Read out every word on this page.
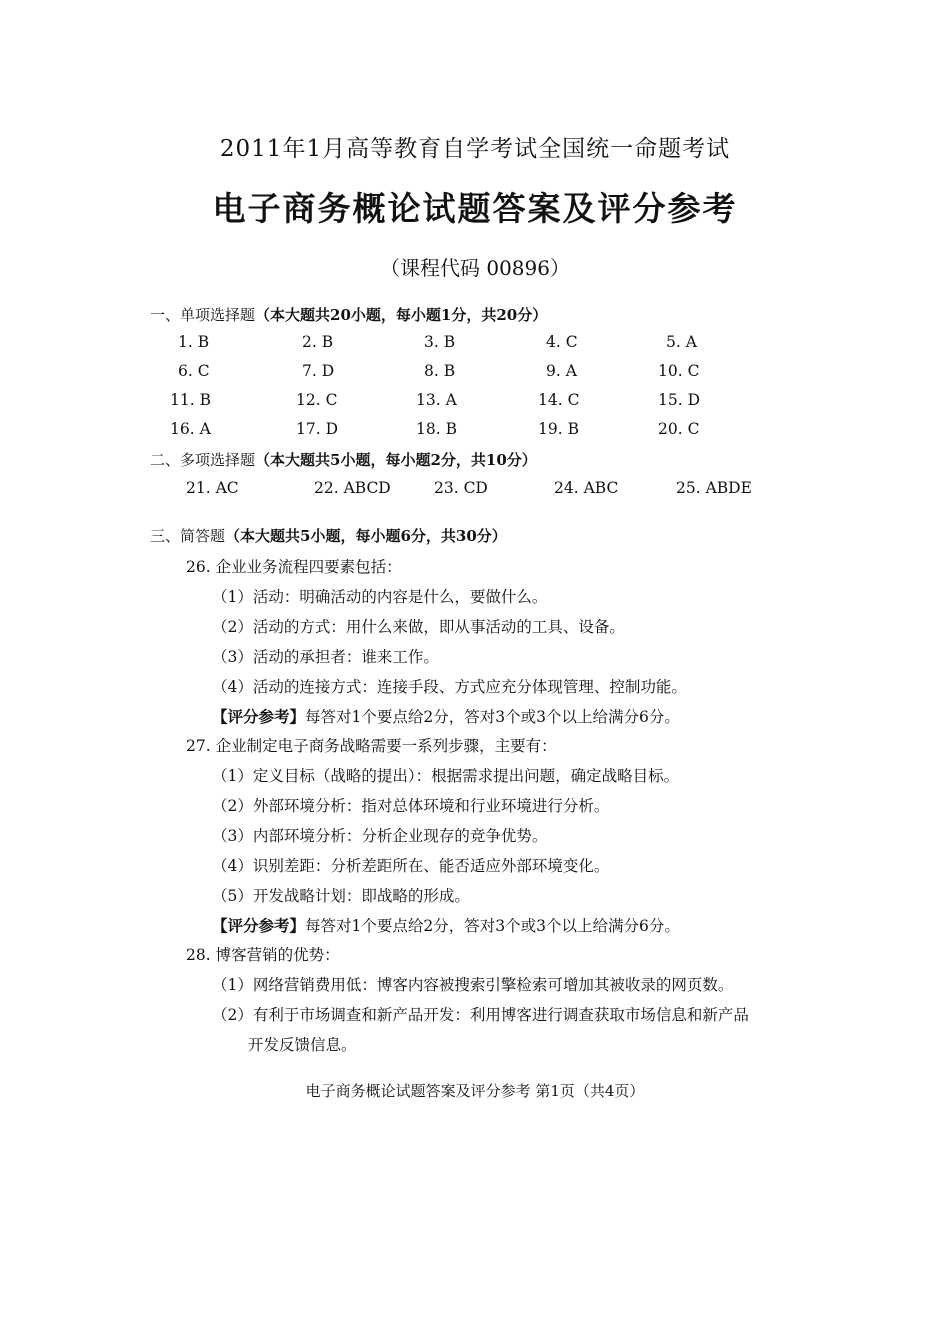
2011年1月高等教育自学考试全国统一命题考试
电子商务概论试题答案及评分参考
（课程代码 00896）
一、单项选择题（本大题共20小题，每小题1分，共20分）
1. B	2. B	3. B	4. C	5. A
6. C	7. D	8. B	9. A	10. C
11. B	12. C	13. A	14. C	15. D
16. A	17. D	18. B	19. B	20. C
二、多项选择题（本大题共5小题，每小题2分，共10分）
21. AC	22. ABCD	23. CD	24. ABC	25. ABDE
三、简答题（本大题共5小题，每小题6分，共30分）
26. 企业业务流程四要素包括：
（1）活动：明确活动的内容是什么，要做什么。
（2）活动的方式：用什么来做，即从事活动的工具、设备。
（3）活动的承担者：谁来工作。
（4）活动的连接方式：连接手段、方式应充分体现管理、控制功能。
【评分参考】每答对1个要点给2分，答对3个或3个以上给满分6分。
27. 企业制定电子商务战略需要一系列步骤，主要有：
（1）定义目标（战略的提出）：根据需求提出问题，确定战略目标。
（2）外部环境分析：指对总体环境和行业环境进行分析。
（3）内部环境分析：分析企业现存的竞争优势。
（4）识别差距：分析差距所在、能否适应外部环境变化。
（5）开发战略计划：即战略的形成。
【评分参考】每答对1个要点给2分，答对3个或3个以上给满分6分。
28. 博客营销的优势：
（1）网络营销费用低：博客内容被搜索引擎检索可增加其被收录的网页数。
（2）有利于市场调查和新产品开发：利用博客进行调查获取市场信息和新产品
开发反馈信息。
电子商务概论试题答案及评分参考 第1页（共4页）
